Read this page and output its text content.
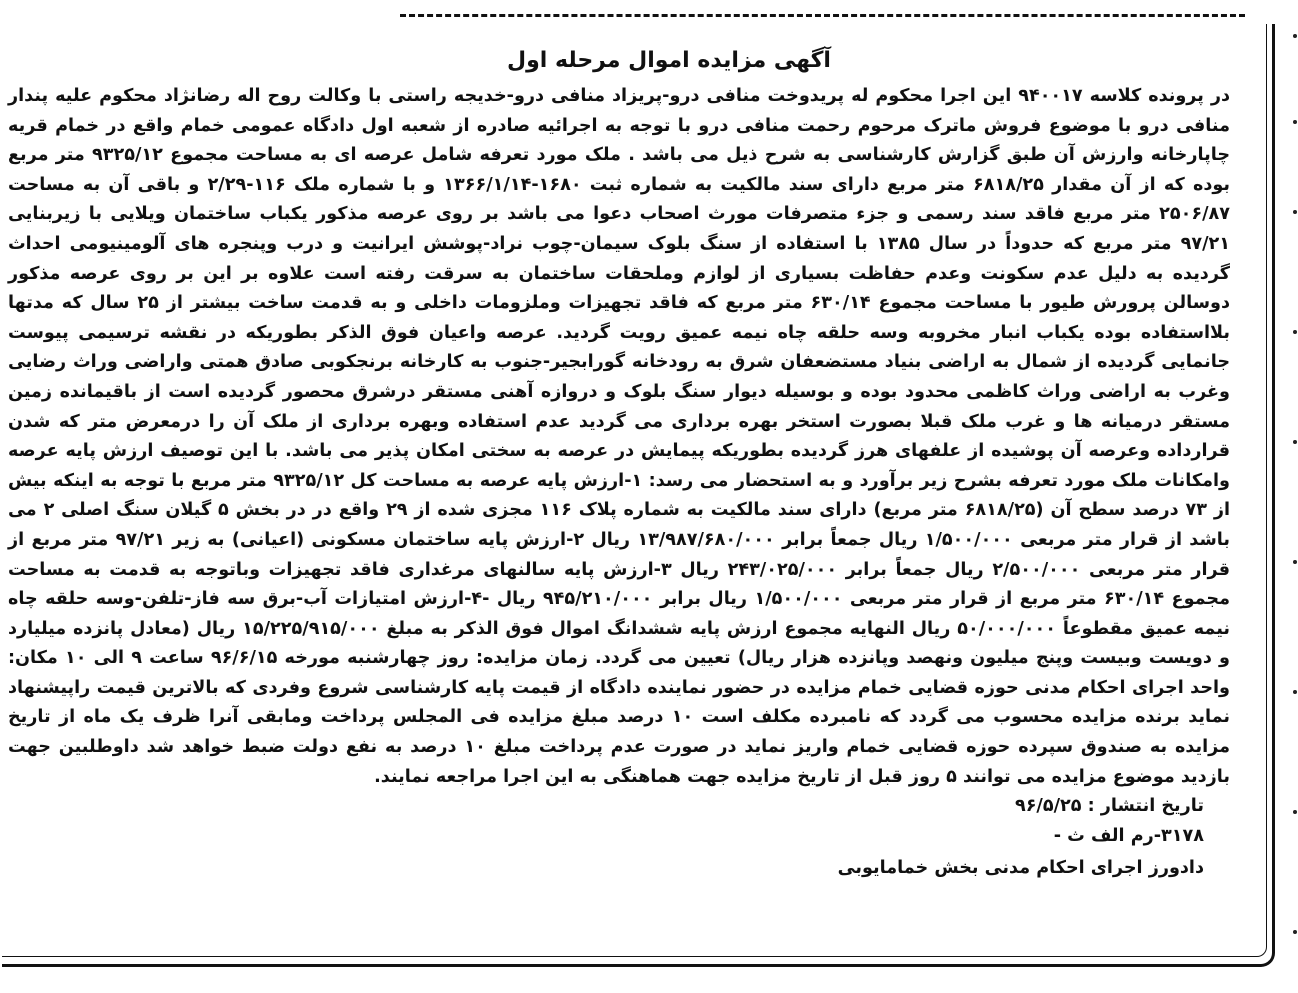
آگهی مزایده اموال مرحله اول

در پرونده کلاسه ۹۴۰۰۱۷ این اجرا محکوم له پریدوخت منافی درو-پریزاد منافی درو-خدیجه راستی با وکالت روح اله رضانژاد محکوم علیه پندار منافی درو با موضوع فروش ماترک مرحوم رحمت منافی درو با توجه به اجرائیه صادره از شعبه اول دادگاه عمومی خمام واقع در خمام قریه چاپارخانه وارزش آن طبق گزارش کارشناسی به شرح ذیل می باشد . ملک مورد تعرفه شامل عرصه ای به مساحت مجموع ۹۳۲۵/۱۲ متر مربع بوده که از آن مقدار ۶۸۱۸/۲۵ متر مربع دارای سند مالکیت به شماره ثبت ۱۶۸۰-۱۳۶۶/۱/۱۴ و با شماره ملک ۱۱۶-۲/۲۹ و باقی آن به مساحت ۲۵۰۶/۸۷ متر مربع فاقد سند رسمی و جزء متصرفات مورث اصحاب دعوا می باشد بر روی عرصه مذکور یکباب ساختمان ویلایی با زیربنایی ۹۷/۲۱ متر مربع که حدوداً در سال ۱۳۸۵ با استفاده از سنگ بلوک سیمان-چوب نراد-پوشش ایرانیت و درب وپنجره های آلومینیومی احداث گردیده به دلیل عدم سکونت وعدم حفاظت بسیاری از لوازم وملحقات ساختمان به سرقت رفته است علاوه بر این بر روی عرصه مذکور دوسالن پرورش طیور با مساحت مجموع ۶۳۰/۱۴ متر مربع که فاقد تجهیزات وملزومات داخلی و به قدمت ساخت بیشتر از ۲۵ سال که مدتها بلااستفاده بوده یکباب انبار مخروبه وسه حلقه چاه نیمه عمیق رویت گردید. عرصه واعیان فوق الذکر بطوریکه در نقشه ترسیمی پیوست جانمایی گردیده از شمال به اراضی بنیاد مستضعفان شرق به رودخانه گورابجیر-جنوب به کارخانه برنجکوبی صادق همتی واراضی وراث رضایی وغرب به اراضی وراث کاظمی محدود بوده و بوسیله دیوار سنگ بلوک و دروازه آهنی مستقر درشرق محصور گردیده است از باقیمانده زمین مستقر درمیانه ها و غرب ملک قبلا بصورت استخر بهره برداری می گردید عدم استفاده وبهره برداری از ملک آن را درمعرض متر که شدن قرارداده وعرصه آن پوشیده از علفهای هرز گردیده بطوریکه پیمایش در عرصه به سختی امکان پذیر می باشد. با این توصیف ارزش پایه عرصه وامکانات ملک مورد تعرفه بشرح زیر برآورد و به استحضار می رسد: ۱-ارزش پایه عرصه به مساحت کل ۹۳۲۵/۱۲ متر مربع با توجه به اینکه بیش از ۷۳ درصد سطح آن (۶۸۱۸/۲۵ متر مربع) دارای سند مالکیت به شماره پلاک ۱۱۶ مجزی شده از ۲۹ واقع در در بخش ۵ گیلان سنگ اصلی ۲ می باشد از قرار متر مربعی ۱/۵۰۰/۰۰۰ ریال جمعاً برابر ۱۳/۹۸۷/۶۸۰/۰۰۰ ریال ۲-ارزش پایه ساختمان مسکونی (اعیانی) به زیر ۹۷/۲۱ متر مربع از قرار متر مربعی ۲/۵۰۰/۰۰۰ ریال جمعاً برابر ۲۴۳/۰۲۵/۰۰۰ ریال ۳-ارزش پایه سالنهای مرغداری فاقد تجهیزات وباتوجه به قدمت به مساحت مجموع ۶۳۰/۱۴ متر مربع از قرار متر مربعی ۱/۵۰۰/۰۰۰ ریال برابر ۹۴۵/۲۱۰/۰۰۰ ریال -۴-ارزش امتیازات آب-برق سه فاز-تلفن-وسه حلقه چاه نیمه عمیق مقطوعاً ۵۰/۰۰۰/۰۰۰ ریال النهایه مجموع ارزش پایه ششدانگ اموال فوق الذکر به مبلغ ۱۵/۲۲۵/۹۱۵/۰۰۰ ریال (معادل پانزده میلیارد و دویست وبیست وپنج میلیون ونهصد وپانزده هزار ریال) تعیین می گردد. زمان مزایده: روز چهارشنبه مورخه ۹۶/۶/۱۵ ساعت ۹ الی ۱۰ مکان: واحد اجرای احکام مدنی حوزه قضایی خمام مزایده در حضور نماینده دادگاه از قیمت پایه کارشناسی شروع وفردی که بالاترین قیمت راپیشنهاد نماید برنده مزایده محسوب می گردد که نامبرده مکلف است ۱۰ درصد مبلغ مزایده فی المجلس پرداخت ومابقی آنرا ظرف یک ماه از تاریخ مزایده به صندوق سپرده حوزه قضایی خمام واریز نماید در صورت عدم پرداخت مبلغ ۱۰ درصد به نفع دولت ضبط خواهد شد داوطلبین جهت بازدید موضوع مزایده می توانند ۵ روز قبل از تاریخ مزایده جهت هماهنگی به این اجرا مراجعه نمایند.

تاریخ انتشار : ۹۶/۵/۲۵

۳۱۷۸-رم الف ث -

دادورز اجرای احکام مدنی بخش خمامایوبی
